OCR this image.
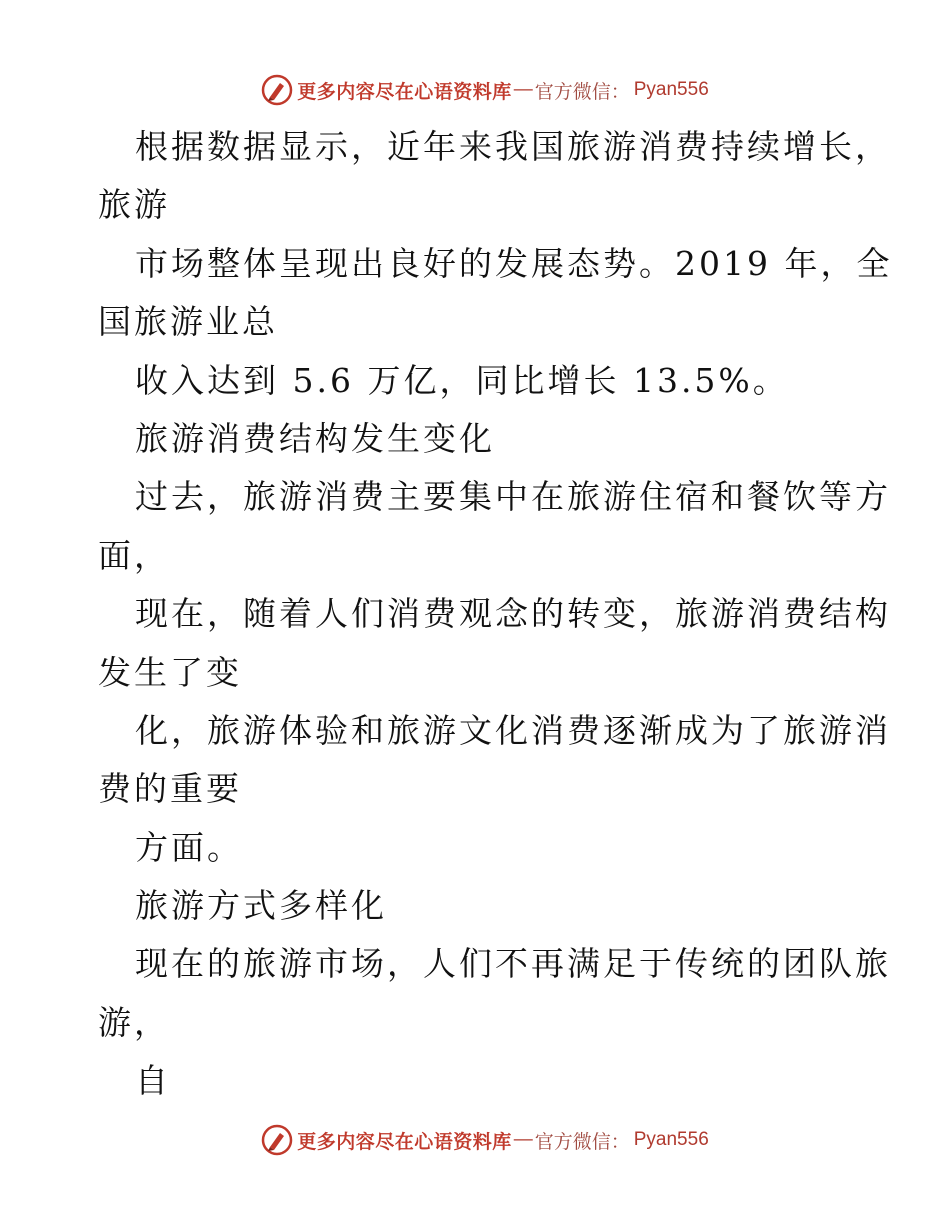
更多内容尽在心语资料库 — 官方微信： Pyan556
根据数据显示，近年来我国旅游消费持续增长，
旅游
市场整体呈现出良好的发展态势。2019 年，全
国旅游业总
收入达到 5.6 万亿，同比增长 13.5%。
旅游消费结构发生变化
过去，旅游消费主要集中在旅游住宿和餐饮等方
面，
现在，随着人们消费观念的转变，旅游消费结构
发生了变
化，旅游体验和旅游文化消费逐渐成为了旅游消
费的重要
方面。
旅游方式多样化
现在的旅游市场，人们不再满足于传统的团队旅
游，
自
更多内容尽在心语资料库 — 官方微信： Pyan556
